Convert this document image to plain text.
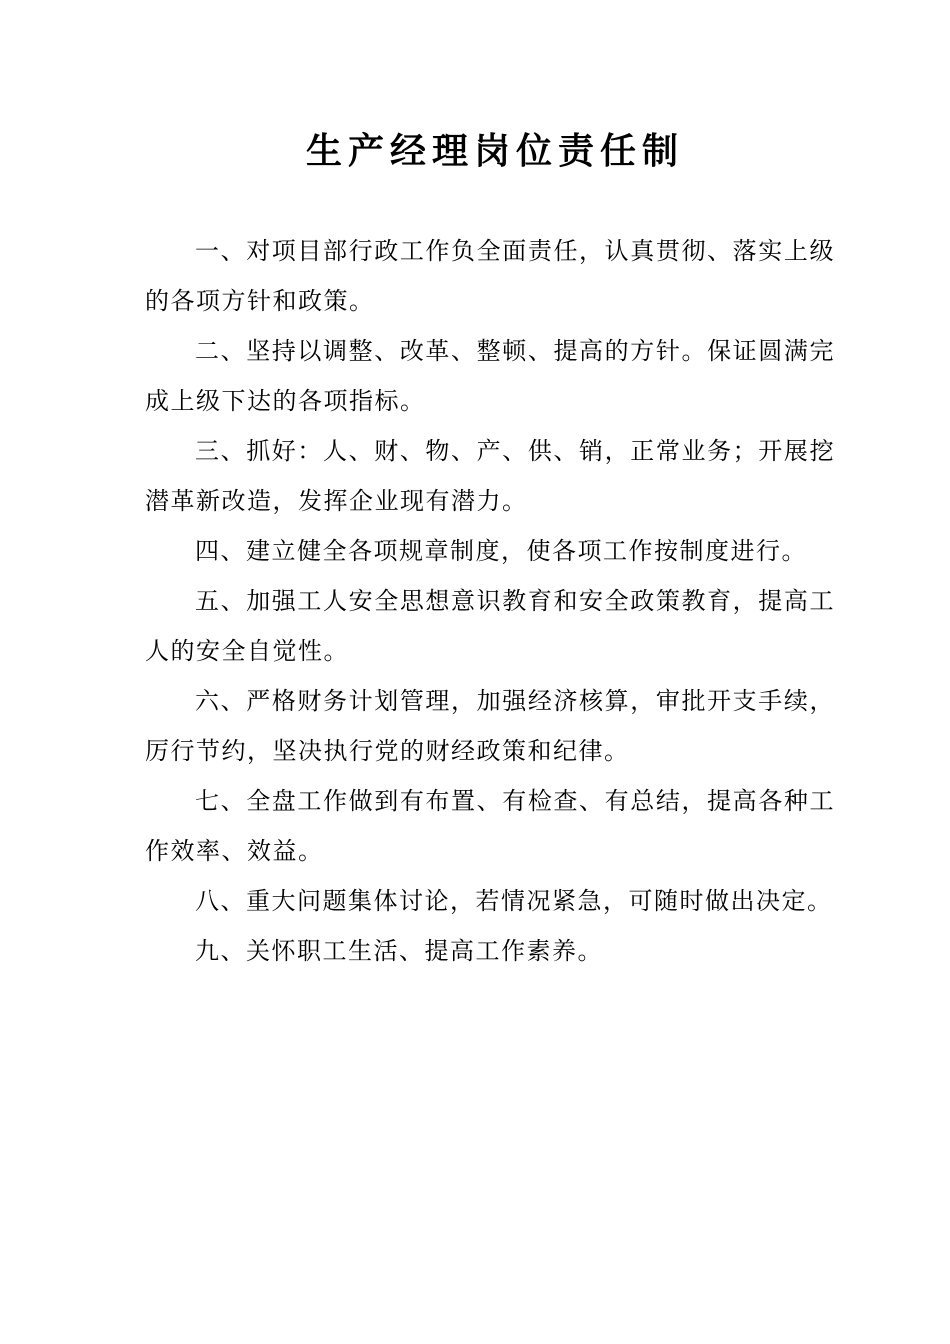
生产经理岗位责任制

一、对项目部行政工作负全面责任，认真贯彻、落实上级的各项方针和政策。

二、坚持以调整、改革、整顿、提高的方针。保证圆满完成上级下达的各项指标。

三、抓好：人、财、物、产、供、销，正常业务；开展挖潜革新改造，发挥企业现有潜力。

四、建立健全各项规章制度，使各项工作按制度进行。

五、加强工人安全思想意识教育和安全政策教育，提高工人的安全自觉性。

六、严格财务计划管理，加强经济核算，审批开支手续，厉行节约，坚决执行党的财经政策和纪律。

七、全盘工作做到有布置、有检查、有总结，提高各种工作效率、效益。

八、重大问题集体讨论，若情况紧急，可随时做出决定。

九、关怀职工生活、提高工作素养。
